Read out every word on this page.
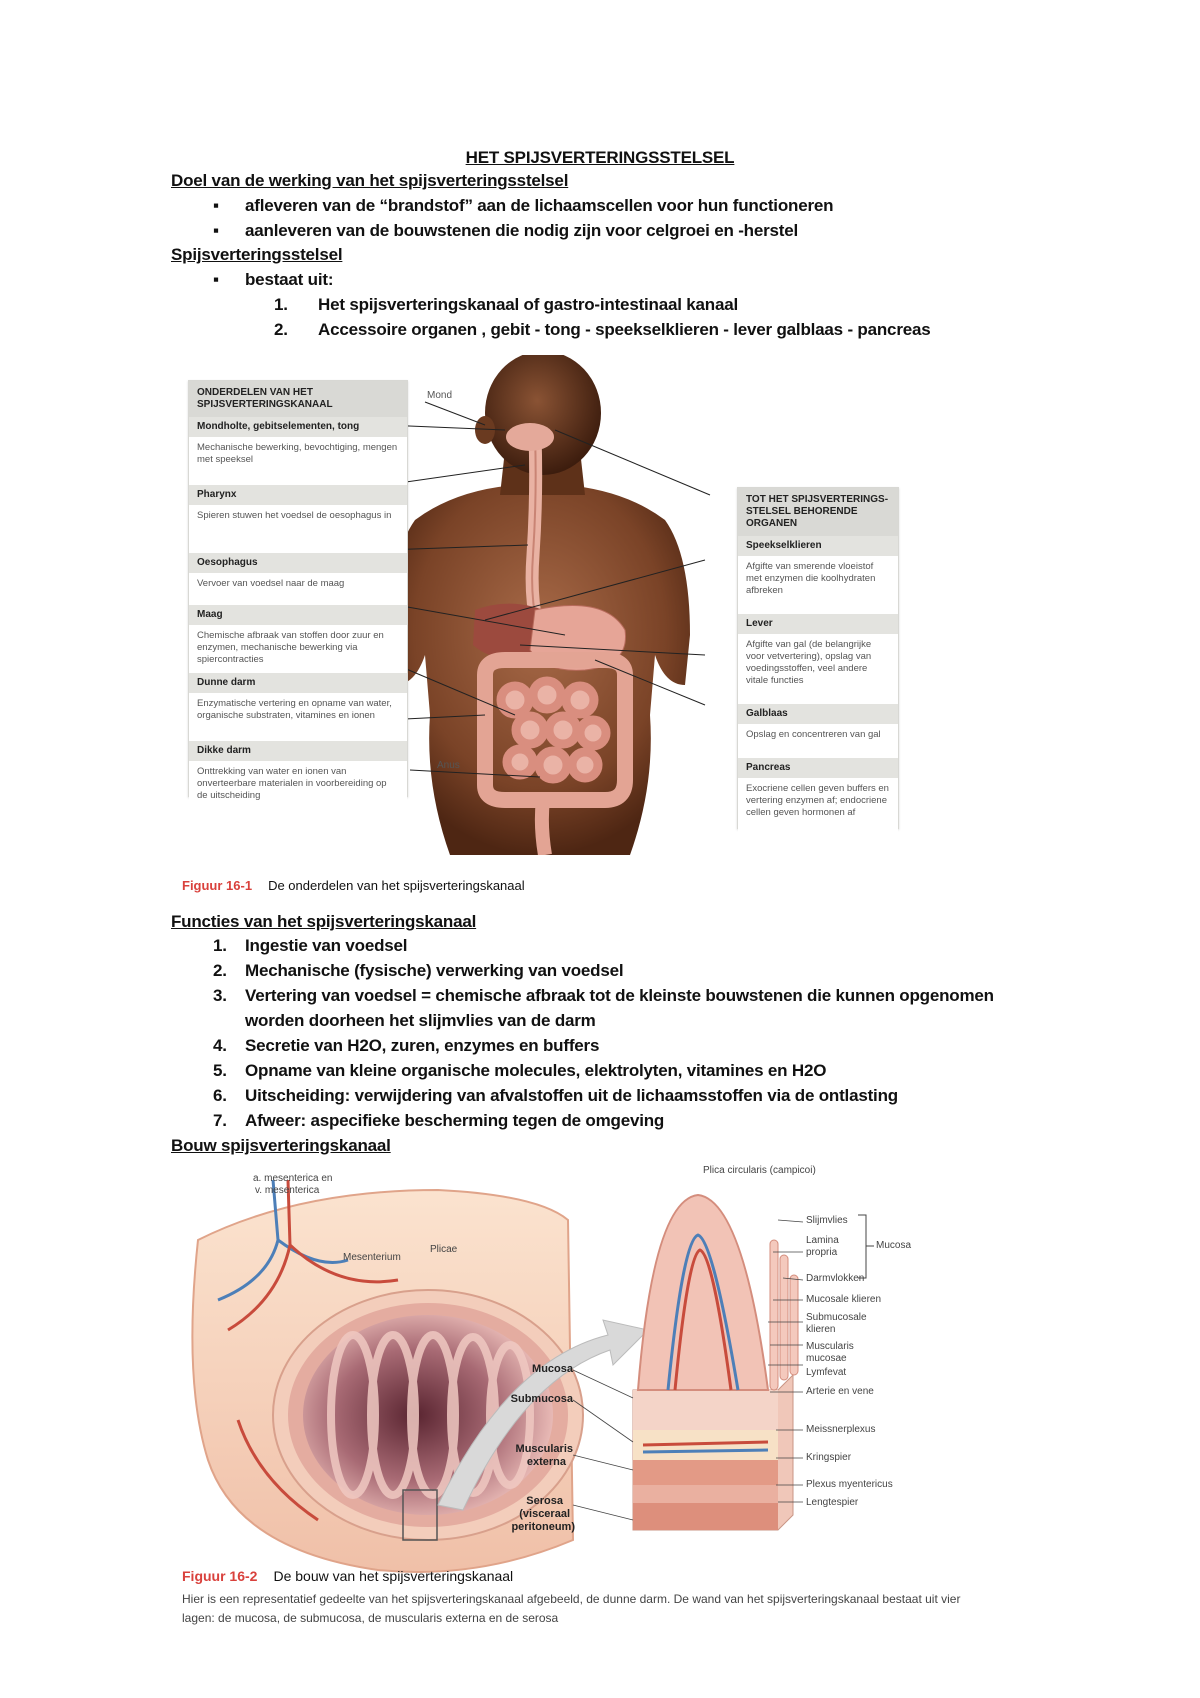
HET SPIJSVERTERINGSSTELSEL
Doel van de werking van het spijsverteringsstelsel
▪ afleveren van de “brandstof” aan de lichaamscellen voor hun functioneren
▪ aanleveren van de bouwstenen die nodig zijn voor celgroei en -herstel
Spijsverteringsstelsel
▪ bestaat uit:
1. Het spijsverteringskanaal of gastro-intestinaal kanaal
2. Accessoire organen , gebit - tong - speekselklieren - lever galblaas - pancreas
ONDERDELEN VAN HET SPIJSVERTERINGSKANAAL
Mondholte, gebitselementen, tong
Mechanische bewerking, bevochtiging, mengen met speeksel
Pharynx
Spieren stuwen het voedsel de oesophagus in
Oesophagus
Vervoer van voedsel naar de maag
Maag
Chemische afbraak van stoffen door zuur en enzymen, mechanische bewerking via spiercontracties
Dunne darm
Enzymatische vertering en opname van water, organische substraten, vitamines en ionen
Dikke darm
Onttrekking van water en ionen van onverteerbare materialen in voorbereiding op de uitscheiding
TOT HET SPIJSVERTERINGS-STELSEL BEHORENDE ORGANEN
Speekselklieren
Afgifte van smerende vloeistof met enzymen die koolhydraten afbreken
Lever
Afgifte van gal (de belangrijke voor vetvertering), opslag van voedingsstoffen, veel andere vitale functies
Galblaas
Opslag en concentreren van gal
Pancreas
Exocriene cellen geven buffers en vertering enzymen af; endocriene cellen geven hormonen af
Mond
Anus
Figuur 16-1 De onderdelen van het spijsverteringskanaal
Functies van het spijsverteringskanaal
1. Ingestie van voedsel
2. Mechanische (fysische) verwerking van voedsel
3. Vertering van voedsel = chemische afbraak tot de kleinste bouwstenen die kunnen opgenomen
worden doorheen het slijmvlies van de darm
4. Secretie van H2O, zuren, enzymes en buffers
5. Opname van kleine organische molecules, elektrolyten, vitamines en H2O
6. Uitscheiding: verwijdering van afvalstoffen uit de lichaamsstoffen via de ontlasting
7. Afweer: aspecifieke bescherming tegen de omgeving
Bouw spijsverteringskanaal
a. mesenterica en
v. mesenterica
Mesenterium
Plicae
Mucosa
Submucosa
Muscularis
externa
Serosa
(visceraal
peritoneum)
Plica circularis (campicoi)
Slijmvlies
Lamina
propria
Mucosa
Darmvlokken
Mucosale klieren
Submucosale
klieren
Muscularis
mucosae
Lymfevat
Arterie en vene
Meissnerplexus
Kringspier
Plexus myentericus
Lengtespier
Figuur 16-2 De bouw van het spijsverteringskanaal
Hier is een representatief gedeelte van het spijsverteringskanaal afgebeeld, de dunne darm. De wand van het spijsverteringskanaal bestaat uit vier
lagen: de mucosa, de submucosa, de muscularis externa en de serosa
